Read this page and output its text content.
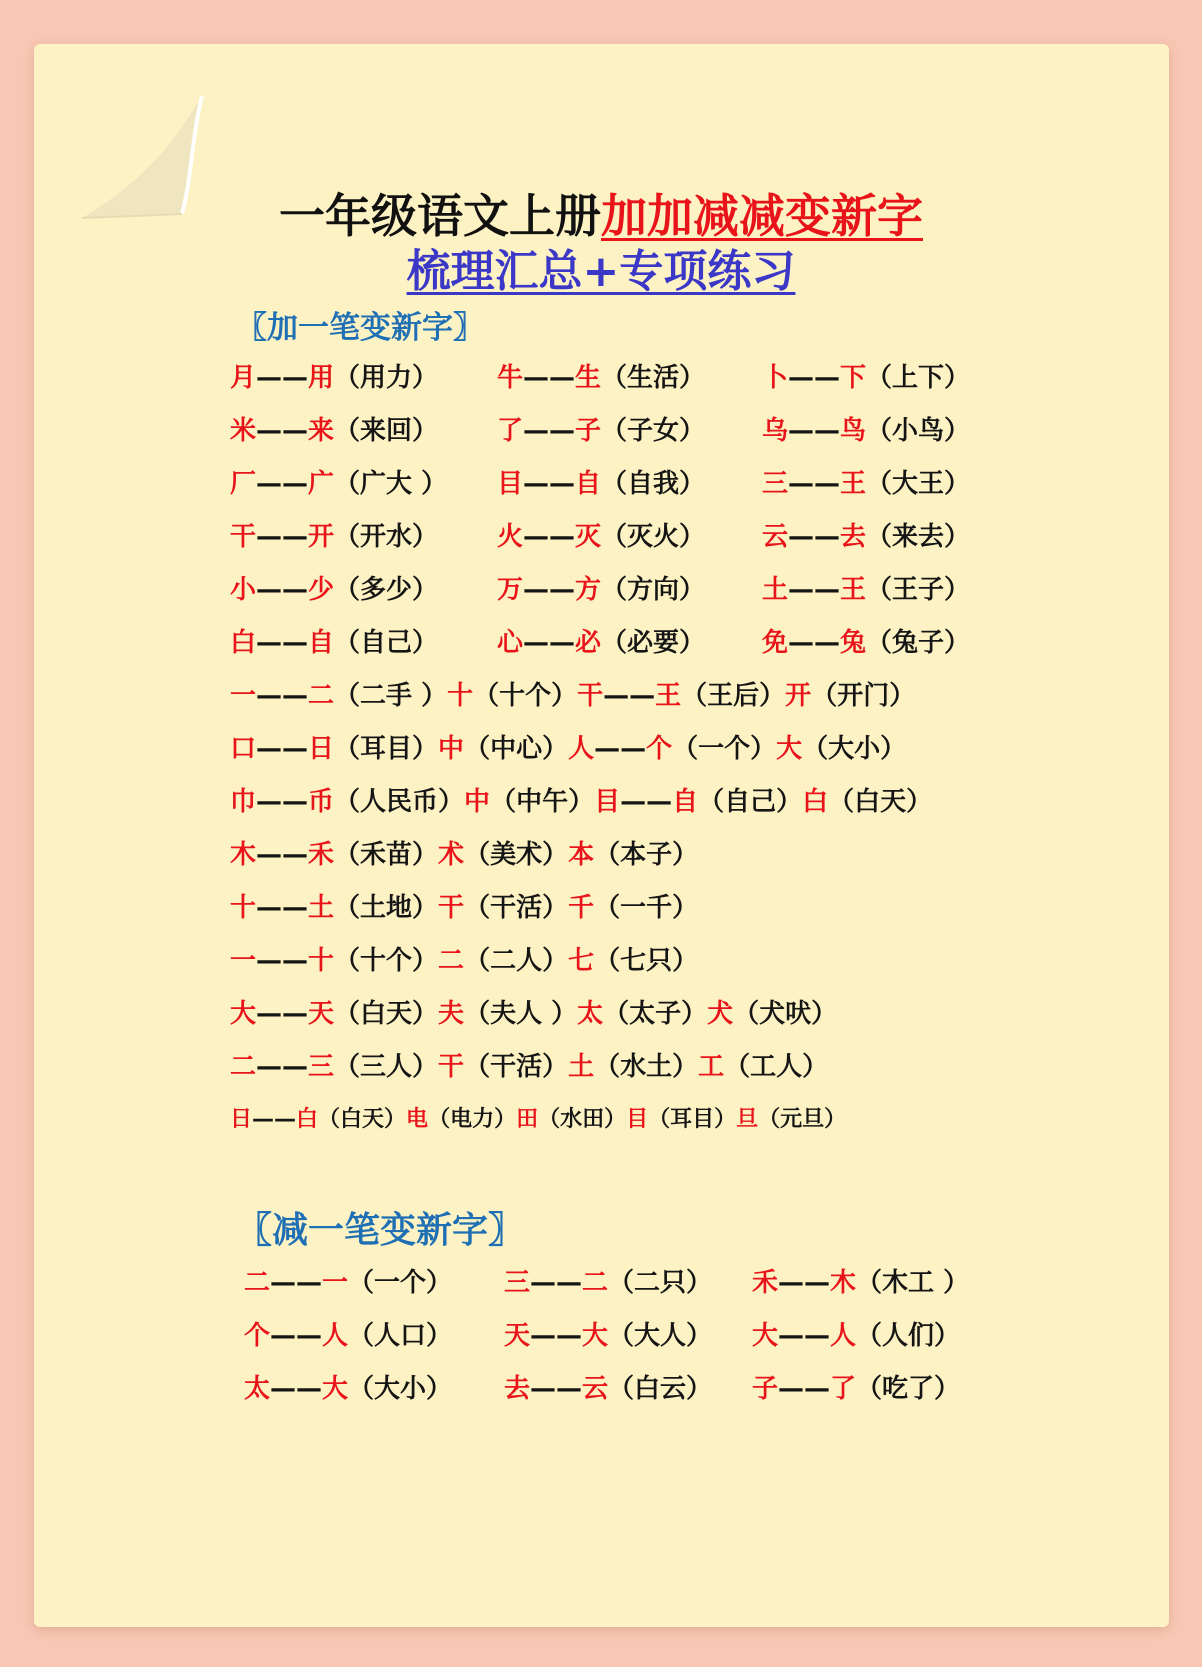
一年级语文上册加加减减变新字
梳理汇总+专项练习
〖加一笔变新字〗
〖减一笔变新字〗
月——用（用力） 牛——生（生活） 卜——下（上下）
米——来（来回） 了——子（子女） 乌——鸟（小鸟）
厂——广（广大 ） 目——自（自我） 三——王（大王）
干——开（开水） 火——灭（灭火） 云——去（来去）
小——少（多少） 万——方（方向） 土——王（王子）
白——自（自己） 心——必（必要） 免——兔（兔子）
一——二（二手 ）十（十个）干——王（王后）开（开门）
口——日（耳目）中（中心）人——个（一个）大（大小）
巾——币（人民币）中（中午）目——自（自己）白（白天）
木——禾（禾苗）术（美术）本（本子）
十——土（土地）干（干活）千（一千）
一——十（十个）二（二人）七（七只）
大——天（白天）夫（夫人 ）太（太子）犬（犬吠）
二——三（三人）干（干活）土（水土）工（工人）
日——白（白天）电（电力）田（水田）目（耳目）旦（元旦）
二——一（一个） 三——二（二只） 禾——木（木工 ）
个——人（人口） 天——大（大人） 大——人（人们）
太——大（大小） 去——云（白云） 子——了（吃了）
